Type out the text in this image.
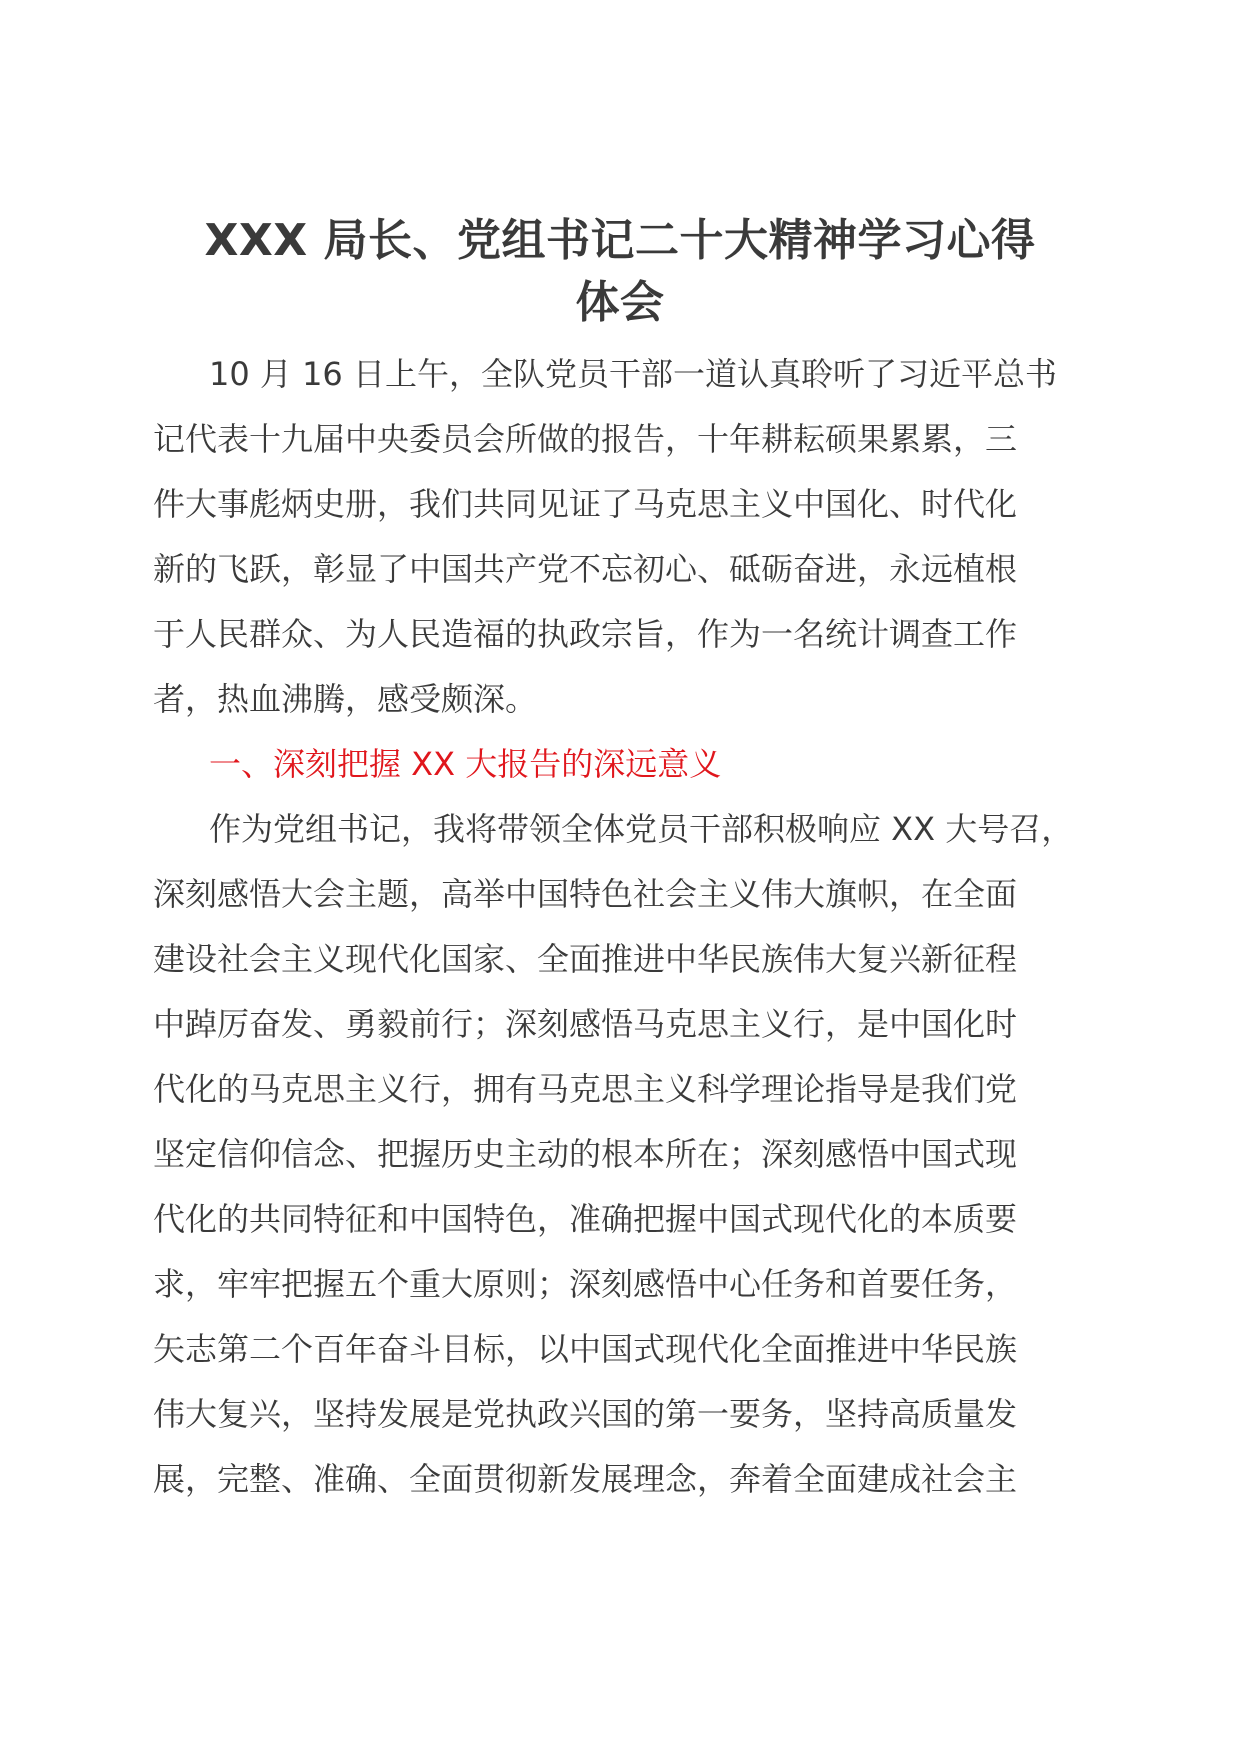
XXX 局长、党组书记二十大精神学习心得
体会
10 月 16 日上午，全队党员干部一道认真聆听了习近平总书
记代表十九届中央委员会所做的报告，十年耕耘硕果累累，三
件大事彪炳史册，我们共同见证了马克思主义中国化、时代化
新的飞跃，彰显了中国共产党不忘初心、砥砺奋进，永远植根
于人民群众、为人民造福的执政宗旨，作为一名统计调查工作
者，热血沸腾，感受颇深。
一、深刻把握 XX 大报告的深远意义
作为党组书记，我将带领全体党员干部积极响应 XX 大号召，
深刻感悟大会主题，高举中国特色社会主义伟大旗帜，在全面
建设社会主义现代化国家、全面推进中华民族伟大复兴新征程
中踔厉奋发、勇毅前行；深刻感悟马克思主义行，是中国化时
代化的马克思主义行，拥有马克思主义科学理论指导是我们党
坚定信仰信念、把握历史主动的根本所在；深刻感悟中国式现
代化的共同特征和中国特色，准确把握中国式现代化的本质要
求，牢牢把握五个重大原则；深刻感悟中心任务和首要任务，
矢志第二个百年奋斗目标，以中国式现代化全面推进中华民族
伟大复兴，坚持发展是党执政兴国的第一要务，坚持高质量发
展，完整、准确、全面贯彻新发展理念，奔着全面建成社会主
